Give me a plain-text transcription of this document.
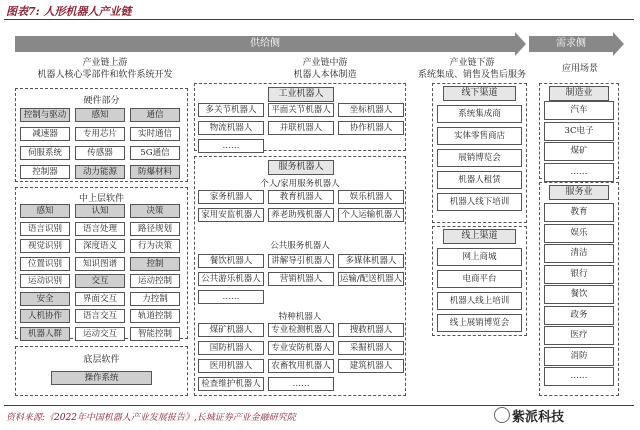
图表7: 人形机器人产业链
供给侧	需求侧
产业链上游
机器人核心零部件和软件系统开发
产业链中游
机器人本体制造
产业链下游
系统集成、销售及售后服务
应用场景
硬件部分
控制与驱动	感知	通信
减速器	专用芯片	实时通信
伺服系统	传感器	5G通信
控制器	动力能源	防爆材料
中上层软件
感知	认知	决策
语言识别	语言处理	路径规划
视觉识别	深度语义	行为决策
位置识别	知识图谱	控制
运动识别	交互	运动控制
安全	界面交互	力控制
人机协作	语言交互	轨道控制
机器人群	运动交互	智能控制
底层软件
操作系统
工业机器人
多关节机器人	平面关节机器人	坐标机器人
物流机器人	并联机器人	协作机器人
……
服务机器人
个人/家用服务机器人
家务机器人	教育机器人	娱乐机器人
家用安监机器人	养老助残机器人	个人运输机器人
公共服务机器人
餐饮机器人	讲解导引机器人	多媒体机器人
公共游乐机器人	营销机器人	运输/配送机器人
……
特种机器人
煤矿机器人	专业检测机器人	搜救机器人
国防机器人	专业安防机器人	采掘机器人
医用机器人	农畜牧用机器人	建筑机器人
检查维护机器人	……
线下渠道
系统集成商
实体零售商店
展销博览会
机器人租赁
机器人线下培训
线上渠道
网上商城
电商平台
机器人线上培训
线上展销博览会
制造业
汽车
3C电子
煤矿
……
服务业
教育
娱乐
清洁
银行
餐饮
政务
医疗
消防
……
资料来源:《2022年中国机器人产业发展报告》,长城证券产业金融研究院	紫派科技
